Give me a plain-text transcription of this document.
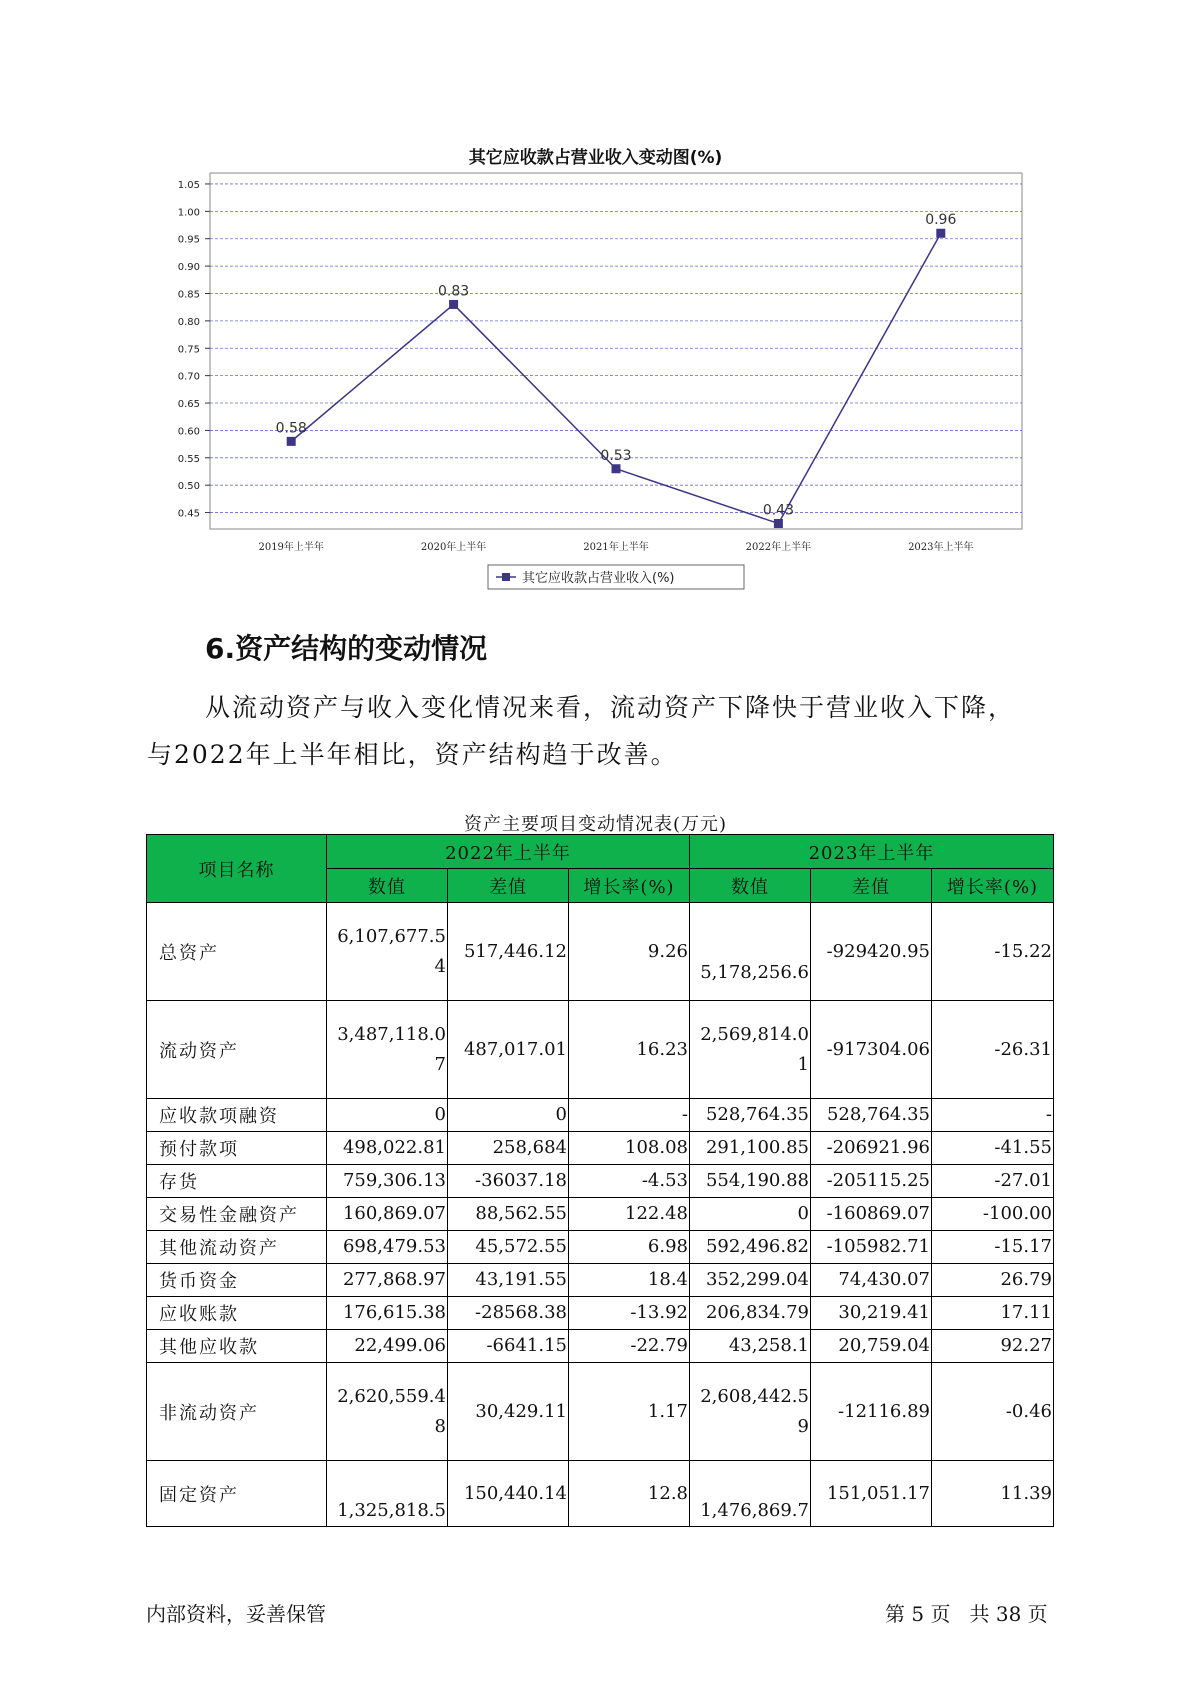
其它应收款占营业收入变动图(%)
1.05
1.00
0.95
0.90
0.85
0.80
0.75
0.70
0.65
0.60
0.55
0.50
0.45
2019年上半年	2020年上半年	2021年上半年	2022年上半年	2023年上半年
0.58
0.83
0.53
0.43
0.96
其它应收款占营业收入(%)
6.资产结构的变动情况
从流动资产与收入变化情况来看，流动资产下降快于营业收入下降，
与2022年上半年相比，资产结构趋于改善。
资产主要项目变动情况表(万元)
项目名称	2022年上半年			2023年上半年		
	数值	差值	增长率(%)	数值	差值	增长率(%)
总资产	6,107,677.54	517,446.12	9.26	5,178,256.6	-929420.95	-15.22
流动资产	3,487,118.07	487,017.01	16.23	2,569,814.01	-917304.06	-26.31
应收款项融资	0	0	-	528,764.35	528,764.35	-
预付款项	498,022.81	258,684	108.08	291,100.85	-206921.96	-41.55
存货	759,306.13	-36037.18	-4.53	554,190.88	-205115.25	-27.01
交易性金融资产	160,869.07	88,562.55	122.48	0	-160869.07	-100.00
其他流动资产	698,479.53	45,572.55	6.98	592,496.82	-105982.71	-15.17
货币资金	277,868.97	43,191.55	18.4	352,299.04	74,430.07	26.79
应收账款	176,615.38	-28568.38	-13.92	206,834.79	30,219.41	17.11
其他应收款	22,499.06	-6641.15	-22.79	43,258.1	20,759.04	92.27
非流动资产	2,620,559.48	30,429.11	1.17	2,608,442.59	-12116.89	-0.46
固定资产	1,325,818.5	150,440.14	12.8	1,476,869.7	151,051.17	11.39
内部资料，妥善保管	第 5 页   共 38 页
